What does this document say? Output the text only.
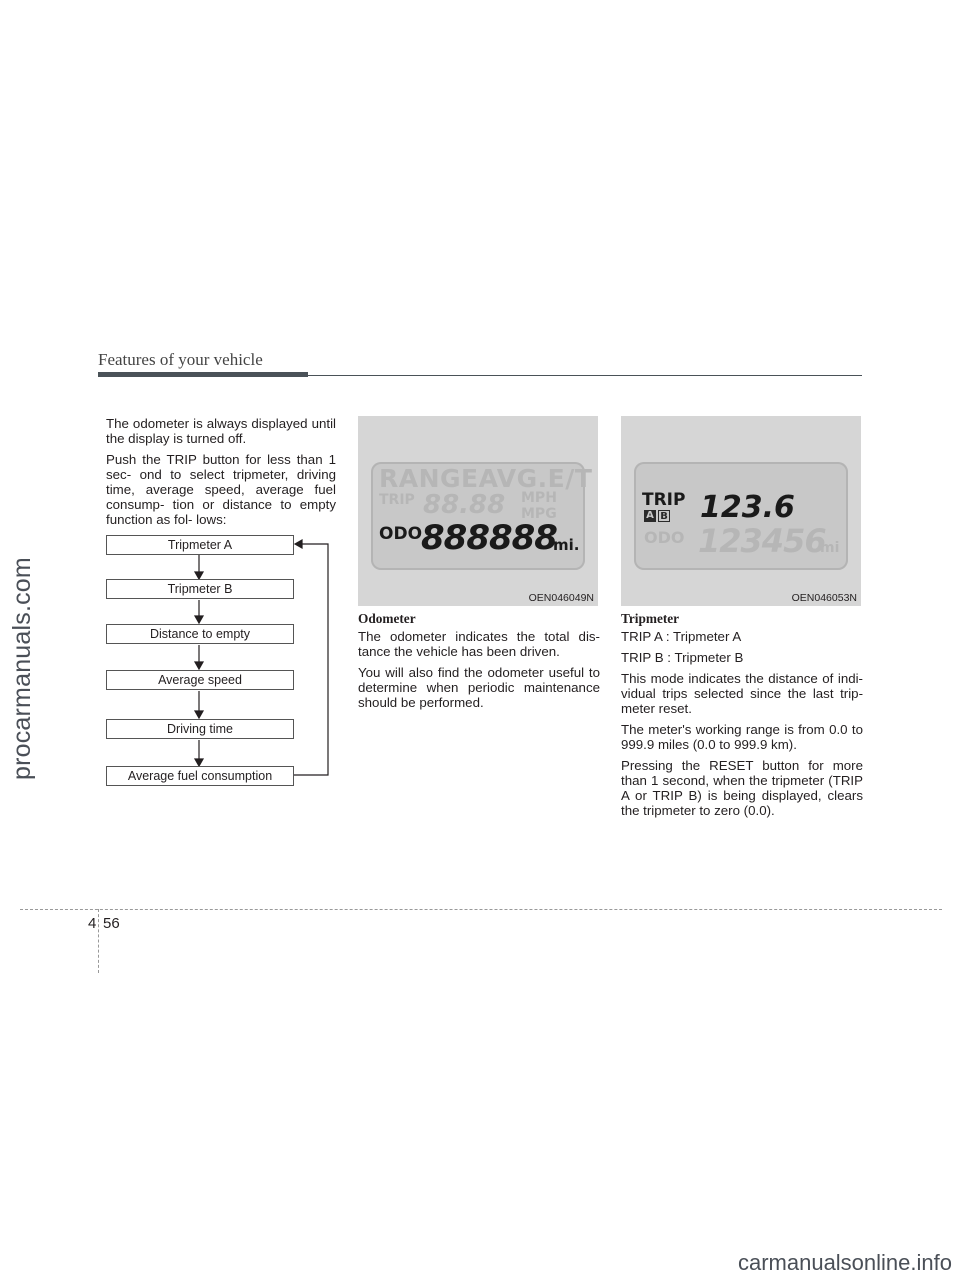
Features of your vehicle
procarmanuals.com
carmanualsonline.info

The odometer is always displayed until the display is turned off.

Push the TRIP button for less than 1 sec- ond to select tripmeter, driving time, average speed, average fuel consump- tion or distance to empty function as fol- lows:

Tripmeter A
Tripmeter B
Distance to empty
Average speed
Driving time
Average fuel consumption
RANGEAVG.E/T
TRIP 88.88 MPH
MPG
ODO
888888
mi.
OEN046049N
TRIP
A B 123.6
ODO 123456
mi
OEN046053N
Odometer

The odometer indicates the total dis- tance the vehicle has been driven.

You will also find the odometer useful to determine when periodic maintenance should be performed.

Tripmeter

TRIP A : Tripmeter A

TRIP B : Tripmeter B

This mode indicates the distance of indi- vidual trips selected since the last trip- meter reset.

The meter's working range is from 0.0 to 999.9 miles (0.0 to 999.9 km).

Pressing the RESET button for more than 1 second, when the tripmeter (TRIP A or TRIP B) is being displayed, clears the tripmeter to zero (0.0).

4 56
